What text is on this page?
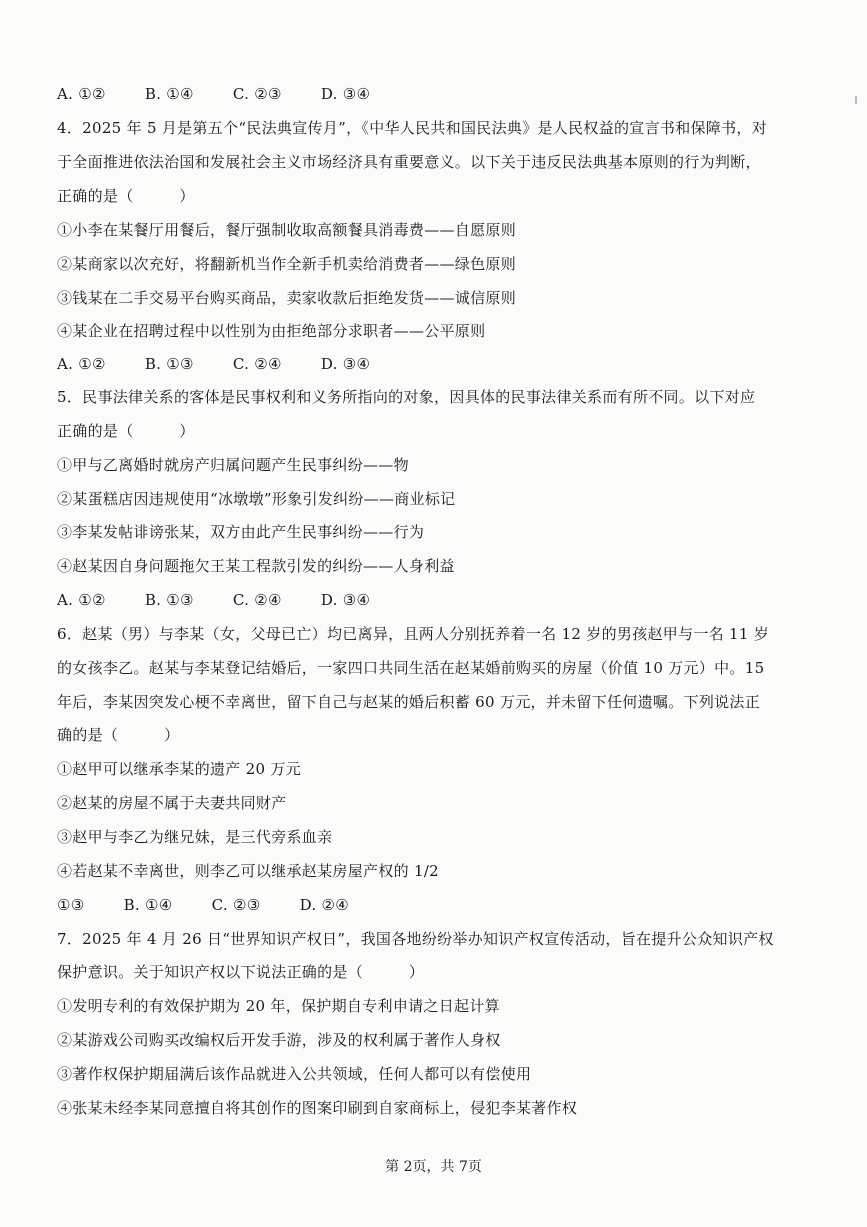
A. ①②	B. ①④	C. ②③	D. ③④
4．2025 年 5 月是第五个“民法典宣传月”，《中华人民共和国民法典》是人民权益的宣言书和保障书，对
于全面推进依法治国和发展社会主义市场经济具有重要意义。以下关于违反民法典基本原则的行为判断，
正确的是（　　　）
①小李在某餐厅用餐后，餐厅强制收取高额餐具消毒费——自愿原则
②某商家以次充好，将翻新机当作全新手机卖给消费者——绿色原则
③钱某在二手交易平台购买商品，卖家收款后拒绝发货——诚信原则
④某企业在招聘过程中以性别为由拒绝部分求职者——公平原则
A. ①②	B. ①③	C. ②④	D. ③④
5．民事法律关系的客体是民事权利和义务所指向的对象，因具体的民事法律关系而有所不同。以下对应
正确的是（　　　）
①甲与乙离婚时就房产归属问题产生民事纠纷——物
②某蛋糕店因违规使用“冰墩墩”形象引发纠纷——商业标记
③李某发帖诽谤张某，双方由此产生民事纠纷——行为
④赵某因自身问题拖欠王某工程款引发的纠纷——人身利益
A. ①②	B. ①③	C. ②④	D. ③④
6．赵某（男）与李某（女，父母已亡）均已离异，且两人分别抚养着一名 12 岁的男孩赵甲与一名 11 岁
的女孩李乙。赵某与李某登记结婚后，一家四口共同生活在赵某婚前购买的房屋（价值 10 万元）中。15
年后，李某因突发心梗不幸离世，留下自己与赵某的婚后积蓄 60 万元，并未留下任何遗嘱。下列说法正
确的是（　　　）
①赵甲可以继承李某的遗产 20 万元
②赵某的房屋不属于夫妻共同财产
③赵甲与李乙为继兄妹，是三代旁系血亲
④若赵某不幸离世，则李乙可以继承赵某房屋产权的 1/2
①③	B. ①④	C. ②③	D. ②④
7．2025 年 4 月 26 日“世界知识产权日”，我国各地纷纷举办知识产权宣传活动，旨在提升公众知识产权
保护意识。关于知识产权以下说法正确的是（　　　）
①发明专利的有效保护期为 20 年，保护期自专利申请之日起计算
②某游戏公司购买改编权后开发手游，涉及的权利属于著作人身权
③著作权保护期届满后该作品就进入公共领域，任何人都可以有偿使用
④张某未经李某同意擅自将其创作的图案印刷到自家商标上，侵犯李某著作权
第 2页，共 7页
